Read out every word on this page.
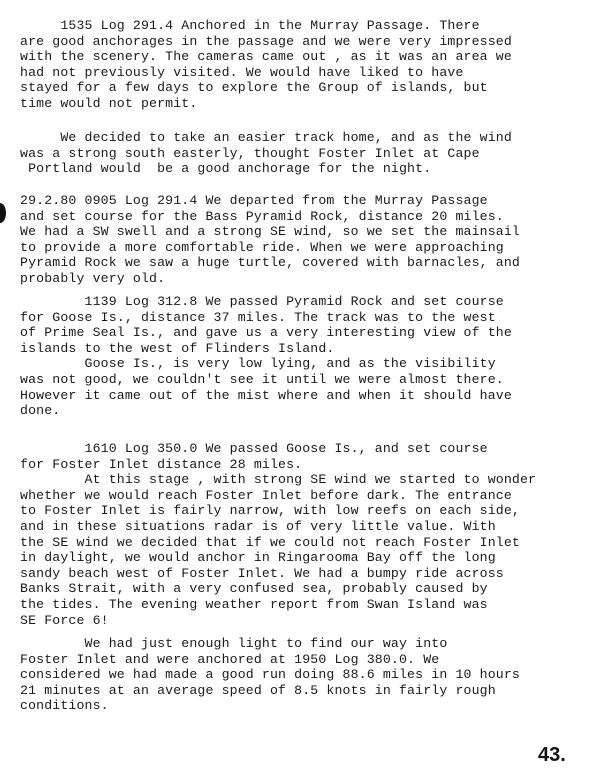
1535 Log 291.4 Anchored in the Murray Passage. There
are good anchorages in the passage and we were very impressed
with the scenery. The cameras came out , as it was an area we
had not previously visited. We would have liked to have
stayed for a few days to explore the Group of islands, but
time would not permit.
We decided to take an easier track home, and as the wind
was a strong south easterly, thought Foster Inlet at Cape
Portland would  be a good anchorage for the night.
29.2.80 0905 Log 291.4 We departed from the Murray Passage
and set course for the Bass Pyramid Rock, distance 20 miles.
We had a SW swell and a strong SE wind, so we set the mainsail
to provide a more comfortable ride. When we were approaching
Pyramid Rock we saw a huge turtle, covered with barnacles, and
probably very old.
1139 Log 312.8 We passed Pyramid Rock and set course
for Goose Is., distance 37 miles. The track was to the west
of Prime Seal Is., and gave us a very interesting view of the
islands to the west of Flinders Island.
Goose Is., is very low lying, and as the visibility
was not good, we couldn't see it until we were almost there.
However it came out of the mist where and when it should have
done.
1610 Log 350.0 We passed Goose Is., and set course
for Foster Inlet distance 28 miles.
At this stage , with strong SE wind we started to wonder
whether we would reach Foster Inlet before dark. The entrance
to Foster Inlet is fairly narrow, with low reefs on each side,
and in these situations radar is of very little value. With
the SE wind we decided that if we could not reach Foster Inlet
in daylight, we would anchor in Ringarooma Bay off the long
sandy beach west of Foster Inlet. We had a bumpy ride across
Banks Strait, with a very confused sea, probably caused by
the tides. The evening weather report from Swan Island was
SE Force 6!
We had just enough light to find our way into
Foster Inlet and were anchored at 1950 Log 380.0. We
considered we had made a good run doing 88.6 miles in 10 hours
21 minutes at an average speed of 8.5 knots in fairly rough
conditions.
43.
